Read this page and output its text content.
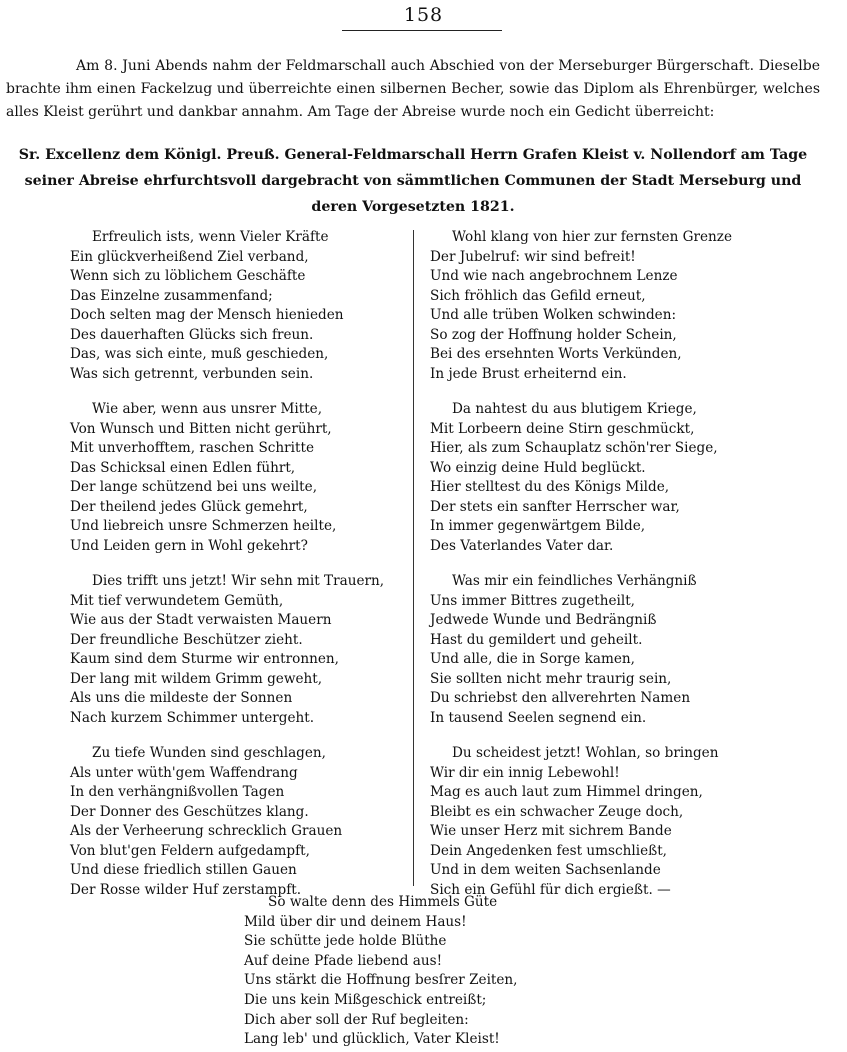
158

Am 8. Juni Abends nahm der Feldmarschall auch Abschied von der Merseburger Bürgerschaft. Dieselbe brachte ihm einen Fackelzug und überreichte einen silbernen Becher, sowie das Diplom als Ehrenbürger, welches alles Kleist gerührt und dankbar annahm. Am Tage der Abreise wurde noch ein Gedicht überreicht:

Sr. Excellenz dem Königl. Preuß. General-Feldmarschall Herrn Grafen Kleist v. Nollendorf am Tage seiner Abreise ehrfurchtsvoll dargebracht von sämmtlichen Communen der Stadt Merseburg und deren Vorgesetzten 1821.
Erfreulich ists, wenn Vieler Kräfte
Ein glückverheißend Ziel verband,
Wenn sich zu löblichem Geschäfte
Das Einzelne zusammenfand;
Doch selten mag der Mensch hienieden
Des dauerhaften Glücks sich freun.
Das, was sich einte, muß geschieden,
Was sich getrennt, verbunden sein.
Wie aber, wenn aus unsrer Mitte,
Von Wunsch und Bitten nicht gerührt,
Mit unverhofftem, raschen Schritte
Das Schicksal einen Edlen führt,
Der lange schützend bei uns weilte,
Der theilend jedes Glück gemehrt,
Und liebreich unsre Schmerzen heilte,
Und Leiden gern in Wohl gekehrt?
Dies trifft uns jetzt! Wir sehn mit Trauern,
Mit tief verwundetem Gemüth,
Wie aus der Stadt verwaisten Mauern
Der freundliche Beschützer zieht.
Kaum sind dem Sturme wir entronnen,
Der lang mit wildem Grimm geweht,
Als uns die mildeste der Sonnen
Nach kurzem Schimmer untergeht.
Zu tiefe Wunden sind geschlagen,
Als unter wüth'gem Waffendrang
In den verhängnißvollen Tagen
Der Donner des Geschützes klang.
Als der Verheerung schrecklich Grauen
Von blut'gen Feldern aufgedampft,
Und diese friedlich stillen Gauen
Der Rosse wilder Huf zerstampft.
Wohl klang von hier zur fernsten Grenze
Der Jubelruf: wir sind befreit!
Und wie nach angebrochnem Lenze
Sich fröhlich das Gefild erneut,
Und alle trüben Wolken schwinden:
So zog der Hoffnung holder Schein,
Bei des ersehnten Worts Verkünden,
In jede Brust erheiternd ein.
Da nahtest du aus blutigem Kriege,
Mit Lorbeern deine Stirn geschmückt,
Hier, als zum Schauplatz schön'rer Siege,
Wo einzig deine Huld beglückt.
Hier stelltest du des Königs Milde,
Der stets ein sanfter Herrscher war,
In immer gegenwärtgem Bilde,
Des Vaterlandes Vater dar.
Was mir ein feindliches Verhängniß
Uns immer Bittres zugetheilt,
Jedwede Wunde und Bedrängniß
Hast du gemildert und geheilt.
Und alle, die in Sorge kamen,
Sie sollten nicht mehr traurig sein,
Du schriebst den allverehrten Namen
In tausend Seelen segnend ein.
Du scheidest jetzt! Wohlan, so bringen
Wir dir ein innig Lebewohl!
Mag es auch laut zum Himmel dringen,
Bleibt es ein schwacher Zeuge doch,
Wie unser Herz mit sichrem Bande
Dein Angedenken fest umschließt,
Und in dem weiten Sachsenlande
Sich ein Gefühl für dich ergießt. —
So walte denn des Himmels Güte
Mild über dir und deinem Haus!
Sie schütte jede holde Blüthe
Auf deine Pfade liebend aus!
Uns stärkt die Hoffnung besſrer Zeiten,
Die uns kein Mißgeschick entreißt;
Dich aber soll der Ruf begleiten:
Lang leb' und glücklich, Vater Kleist!
